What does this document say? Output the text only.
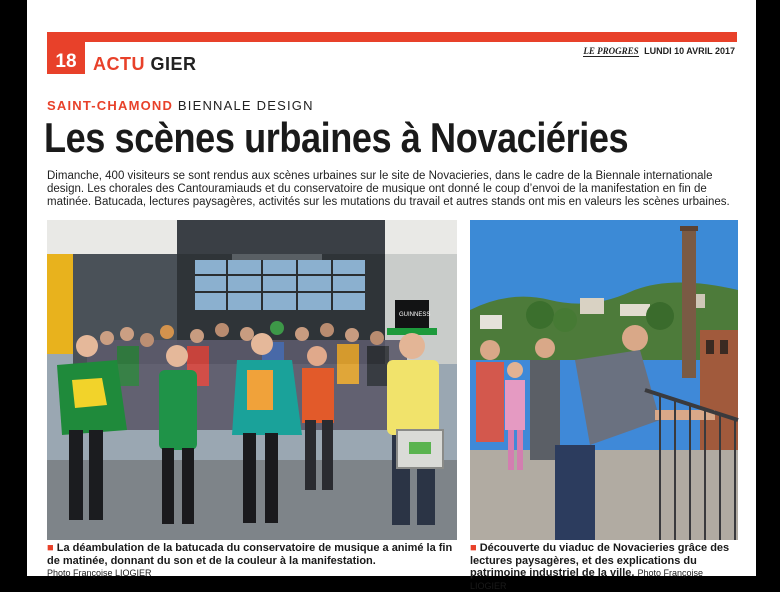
18 ACTU GIER
LE PROGRES LUNDI 10 AVRIL 2017
SAINT-CHAMOND BIENNALE DESIGN
Les scènes urbaines à Novaciéries
Dimanche, 400 visiteurs se sont rendus aux scènes urbaines sur le site de Novacieries, dans le cadre de la Biennale internationale design. Les chorales des Cantouramiauds et du conservatoire de musique ont donné le coup d’envoi de la manifestation en fin de matinée. Batucada, lectures paysagères, activités sur les mutations du travail et autres stands ont mis en valeurs les scènes urbaines.
GUINNESS
■ La déambulation de la batucada du conservatoire de musique a animé la fin de matinée, donnant du son et de la couleur à la manifestation.
Photo Françoise LIOGIER
■ Découverte du viaduc de Novacieries grâce des lectures paysagères, et des explications du patrimoine industriel de la ville. Photo Françoise LIOGIER
